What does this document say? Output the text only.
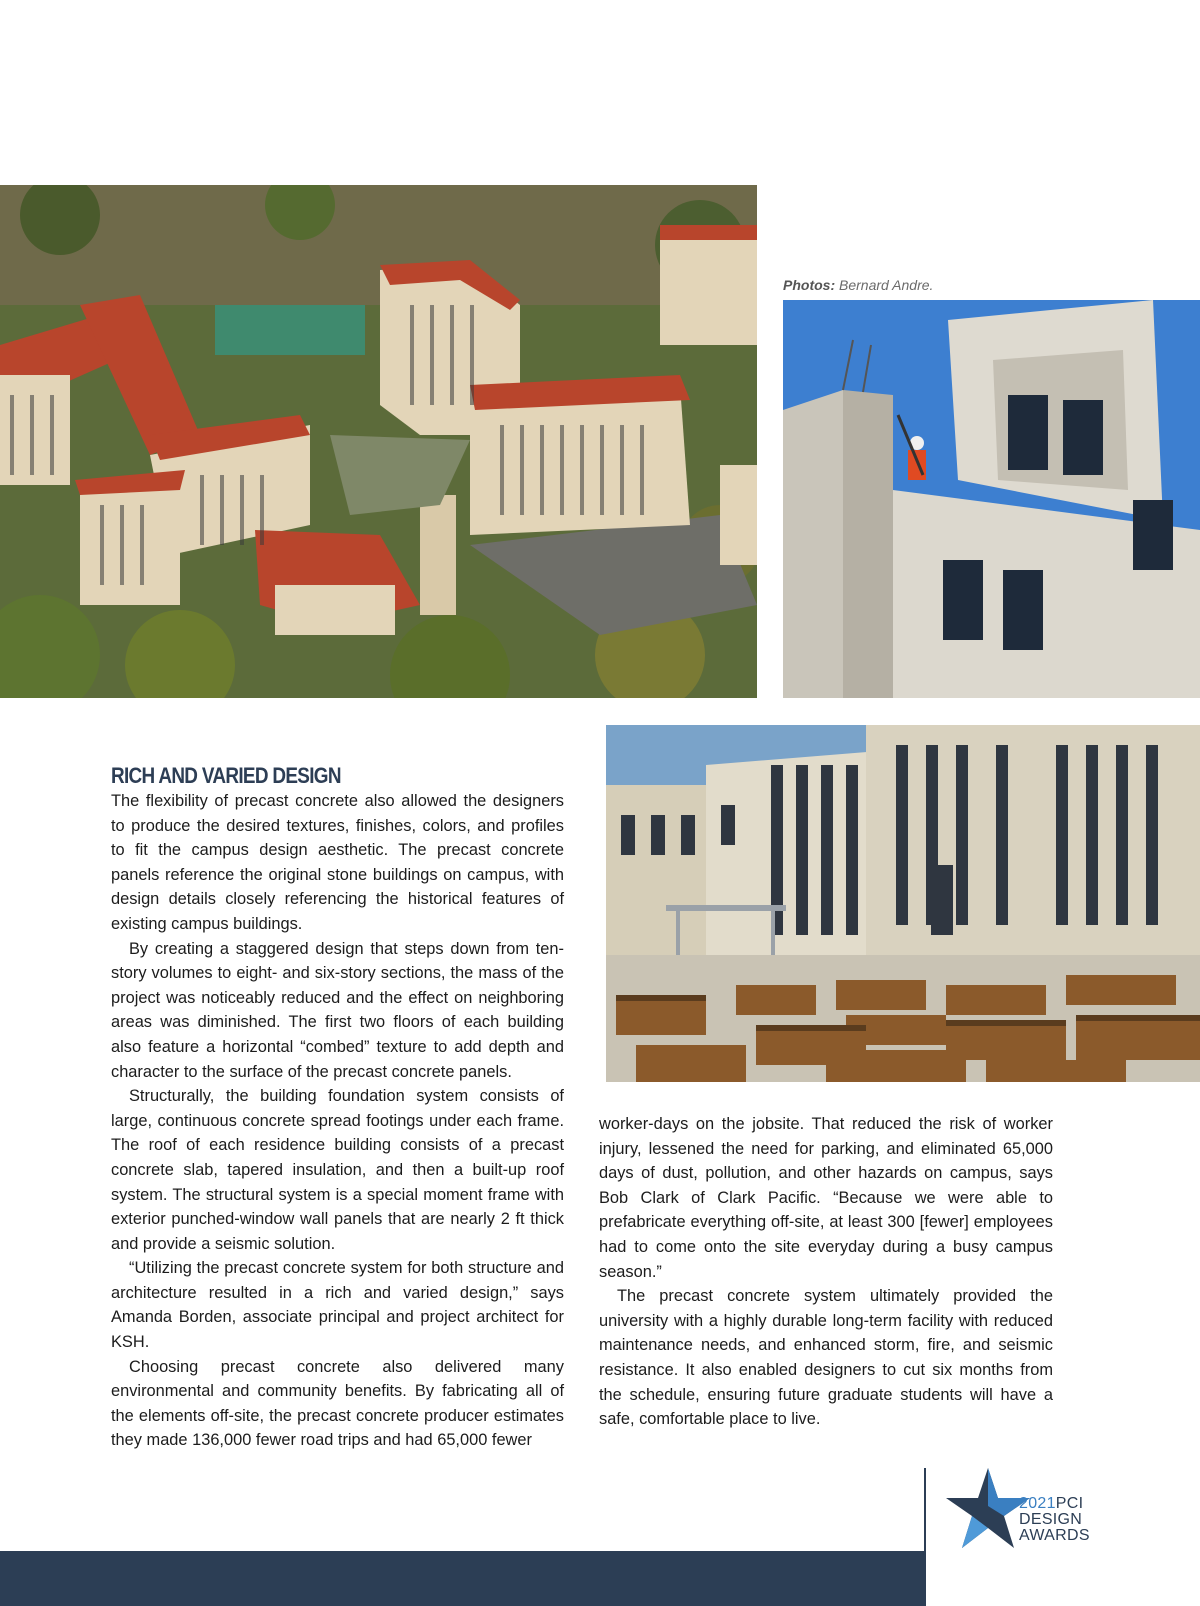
Photos: Bernard Andre.
RICH AND VARIED DESIGN

The flexibility of precast concrete also allowed the designers to produce the desired textures, finishes, colors, and profiles to fit the campus design aesthetic. The precast concrete panels reference the original stone buildings on campus, with design details closely referencing the historical features of existing campus buildings.

By creating a staggered design that steps down from ten-story volumes to eight- and six-story sections, the mass of the project was noticeably reduced and the effect on neighboring areas was diminished. The first two floors of each building also feature a horizontal “combed” texture to add depth and character to the surface of the precast concrete panels.

Structurally, the building foundation system consists of large, continuous concrete spread footings under each frame. The roof of each residence building consists of a precast concrete slab, tapered insulation, and then a built-up roof system. The structural system is a special moment frame with exterior punched-window wall panels that are nearly 2 ft thick and provide a seismic solution.

“Utilizing the precast concrete system for both structure and architecture resulted in a rich and varied design,” says Amanda Borden, associate principal and project architect for KSH.

Choosing precast concrete also delivered many environmental and community benefits. By fabricating all of the elements off-site, the precast concrete producer estimates they made 136,000 fewer road trips and had 65,000 fewer

worker-days on the jobsite. That reduced the risk of worker injury, lessened the need for parking, and eliminated 65,000 days of dust, pollution, and other hazards on campus, says Bob Clark of Clark Pacific. “Because we were able to prefabricate everything off-site, at least 300 [fewer] employees had to come onto the site everyday during a busy campus season.”

The precast concrete system ultimately provided the university with a highly durable long-term facility with reduced maintenance needs, and enhanced storm, fire, and seismic resistance. It also enabled designers to cut six months from the schedule, ensuring future graduate students will have a safe, comfortable place to live.

2021PCI
DESIGN
AWARDS
